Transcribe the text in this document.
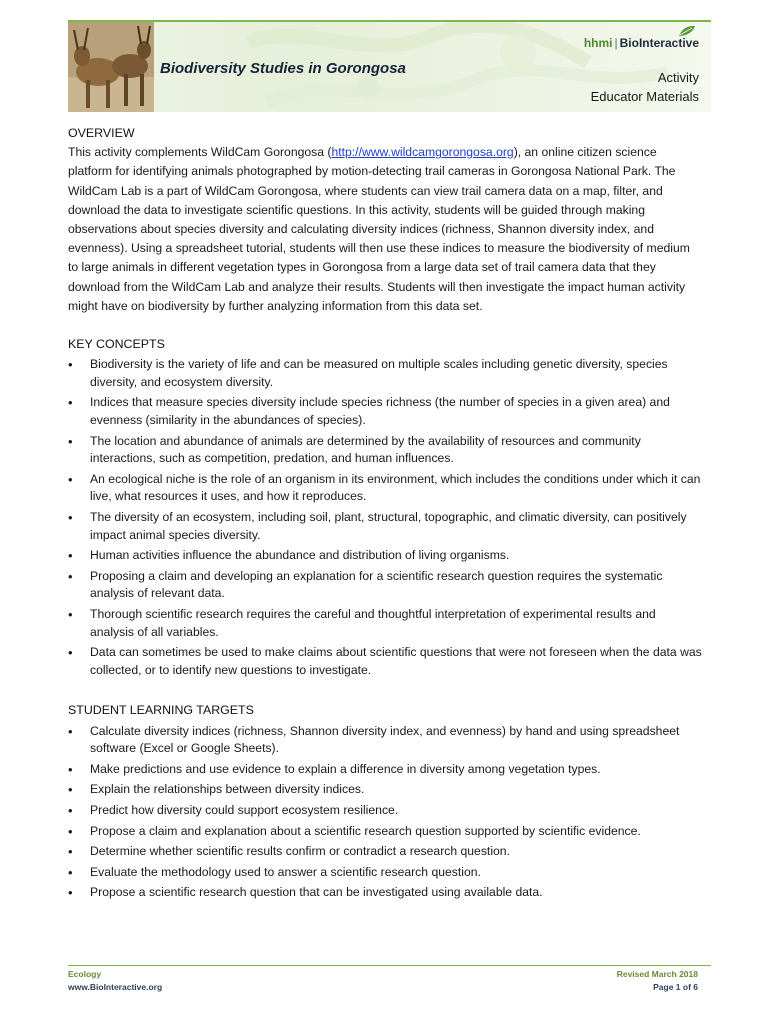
Biodiversity Studies in Gorongosa
hhmi | BioInteractive
Activity
Educator Materials
OVERVIEW

This activity complements WildCam Gorongosa (http://www.wildcamgorongosa.org), an online citizen science platform for identifying animals photographed by motion-detecting trail cameras in Gorongosa National Park. The WildCam Lab is a part of WildCam Gorongosa, where students can view trail camera data on a map, filter, and download the data to investigate scientific questions. In this activity, students will be guided through making observations about species diversity and calculating diversity indices (richness, Shannon diversity index, and evenness). Using a spreadsheet tutorial, students will then use these indices to measure the biodiversity of medium to large animals in different vegetation types in Gorongosa from a large data set of trail camera data that they download from the WildCam Lab and analyze their results. Students will then investigate the impact human activity might have on biodiversity by further analyzing information from this data set.

KEY CONCEPTS
• Biodiversity is the variety of life and can be measured on multiple scales including genetic diversity, species diversity, and ecosystem diversity.
• Indices that measure species diversity include species richness (the number of species in a given area) and evenness (similarity in the abundances of species).
• The location and abundance of animals are determined by the availability of resources and community interactions, such as competition, predation, and human influences.
• An ecological niche is the role of an organism in its environment, which includes the conditions under which it can live, what resources it uses, and how it reproduces.
• The diversity of an ecosystem, including soil, plant, structural, topographic, and climatic diversity, can positively impact animal species diversity.
• Human activities influence the abundance and distribution of living organisms.
• Proposing a claim and developing an explanation for a scientific research question requires the systematic analysis of relevant data.
• Thorough scientific research requires the careful and thoughtful interpretation of experimental results and analysis of all variables.
• Data can sometimes be used to make claims about scientific questions that were not foreseen when the data was collected, or to identify new questions to investigate.
STUDENT LEARNING TARGETS
• Calculate diversity indices (richness, Shannon diversity index, and evenness) by hand and using spreadsheet software (Excel or Google Sheets).
• Make predictions and use evidence to explain a difference in diversity among vegetation types.
• Explain the relationships between diversity indices.
• Predict how diversity could support ecosystem resilience.
• Propose a claim and explanation about a scientific research question supported by scientific evidence.
• Determine whether scientific results confirm or contradict a research question.
• Evaluate the methodology used to answer a scientific research question.
• Propose a scientific research question that can be investigated using available data.
Ecology
www.BioInteractive.org
Revised March 2018
Page 1 of 6
